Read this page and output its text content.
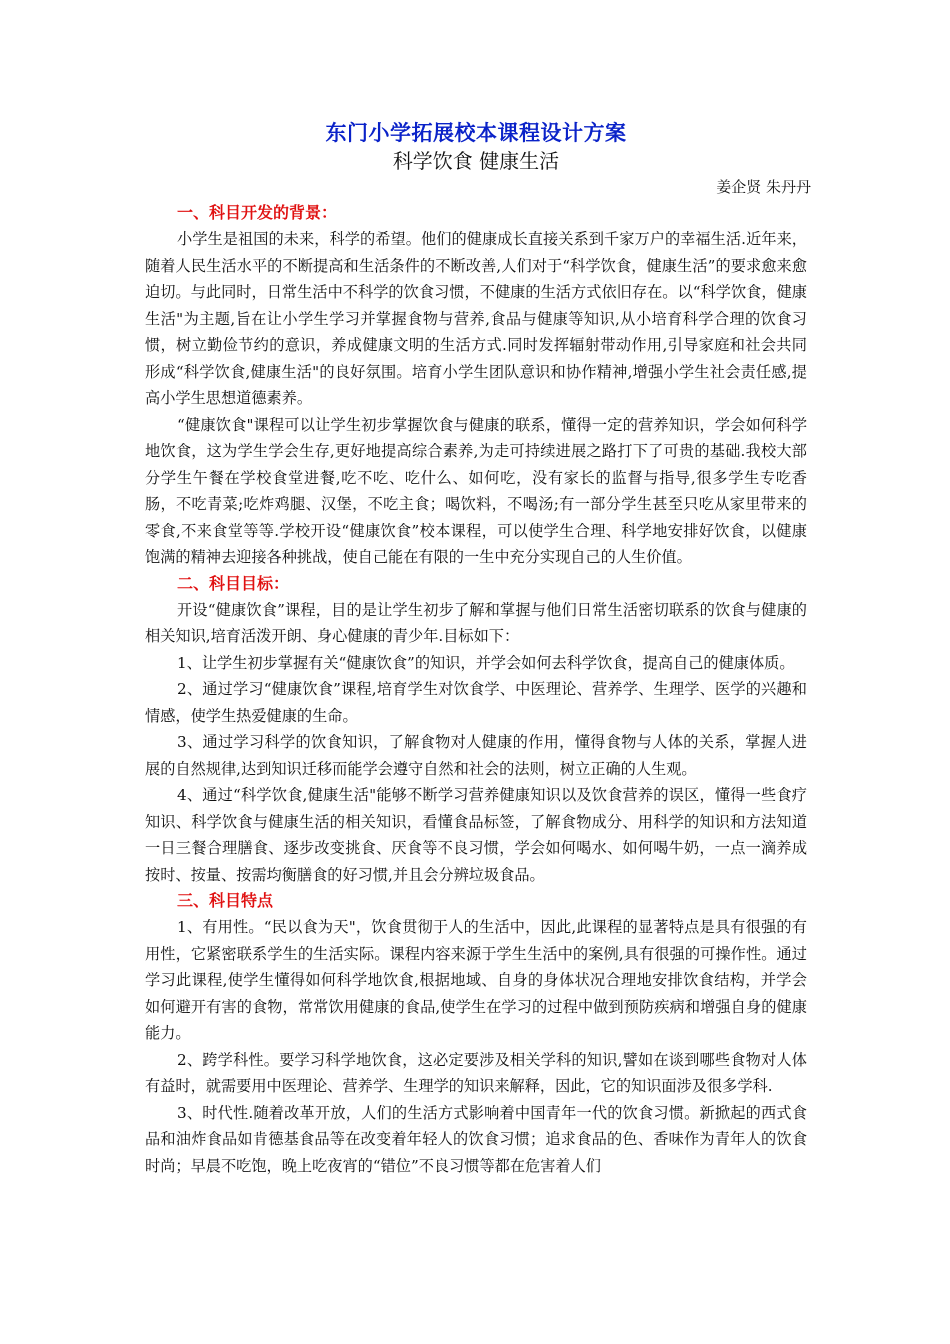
东门小学拓展校本课程设计方案
科学饮食 健康生活
姜企贤 朱丹丹
一、科目开发的背景：

小学生是祖国的未来，科学的希望。他们的健康成长直接关系到千家万户的幸福生活.近年来，随着人民生活水平的不断提高和生活条件的不断改善,人们对于“科学饮食，健康生活”的要求愈来愈迫切。与此同时，日常生活中不科学的饮食习惯，不健康的生活方式依旧存在。以“科学饮食，健康生活"为主题,旨在让小学生学习并掌握食物与营养,食品与健康等知识,从小培育科学合理的饮食习惯，树立勤俭节约的意识，养成健康文明的生活方式.同时发挥辐射带动作用,引导家庭和社会共同形成“科学饮食,健康生活"的良好氛围。培育小学生团队意识和协作精神,增强小学生社会责任感,提高小学生思想道德素养。

“健康饮食"课程可以让学生初步掌握饮食与健康的联系，懂得一定的营养知识，学会如何科学地饮食，这为学生学会生存,更好地提高综合素养,为走可持续进展之路打下了可贵的基础.我校大部分学生午餐在学校食堂进餐,吃不吃、吃什么、如何吃，没有家长的监督与指导,很多学生专吃香肠，不吃青菜;吃炸鸡腿、汉堡，不吃主食；喝饮料，不喝汤;有一部分学生甚至只吃从家里带来的零食,不来食堂等等.学校开设“健康饮食”校本课程，可以使学生合理、科学地安排好饮食，以健康饱满的精神去迎接各种挑战，使自己能在有限的一生中充分实现自己的人生价值。

二、科目目标：

开设“健康饮食”课程，目的是让学生初步了解和掌握与他们日常生活密切联系的饮食与健康的相关知识,培育活泼开朗、身心健康的青少年.目标如下：

1、让学生初步掌握有关“健康饮食”的知识，并学会如何去科学饮食，提高自己的健康体质。

2、通过学习“健康饮食”课程,培育学生对饮食学、中医理论、营养学、生理学、医学的兴趣和情感，使学生热爱健康的生命。

3、通过学习科学的饮食知识，了解食物对人健康的作用，懂得食物与人体的关系，掌握人进展的自然规律,达到知识迁移而能学会遵守自然和社会的法则，树立正确的人生观。

4、通过“科学饮食,健康生活"能够不断学习营养健康知识以及饮食营养的误区，懂得一些食疗知识、科学饮食与健康生活的相关知识，看懂食品标签，了解食物成分、用科学的知识和方法知道一日三餐合理膳食、逐步改变挑食、厌食等不良习惯，学会如何喝水、如何喝牛奶，一点一滴养成按时、按量、按需均衡膳食的好习惯,并且会分辨垃圾食品。

三、科目特点

1、有用性。“民以食为天"，饮食贯彻于人的生活中，因此,此课程的显著特点是具有很强的有用性，它紧密联系学生的生活实际。课程内容来源于学生生活中的案例,具有很强的可操作性。通过学习此课程,使学生懂得如何科学地饮食,根据地域、自身的身体状况合理地安排饮食结构，并学会如何避开有害的食物，常常饮用健康的食品,使学生在学习的过程中做到预防疾病和增强自身的健康能力。

2、跨学科性。要学习科学地饮食，这必定要涉及相关学科的知识,譬如在谈到哪些食物对人体有益时，就需要用中医理论、营养学、生理学的知识来解释，因此，它的知识面涉及很多学科.

3、时代性.随着改革开放，人们的生活方式影响着中国青年一代的饮食习惯。新掀起的西式食品和油炸食品如肯德基食品等在改变着年轻人的饮食习惯；追求食品的色、香味作为青年人的饮食时尚；早晨不吃饱，晚上吃夜宵的“错位”不良习惯等都在危害着人们
